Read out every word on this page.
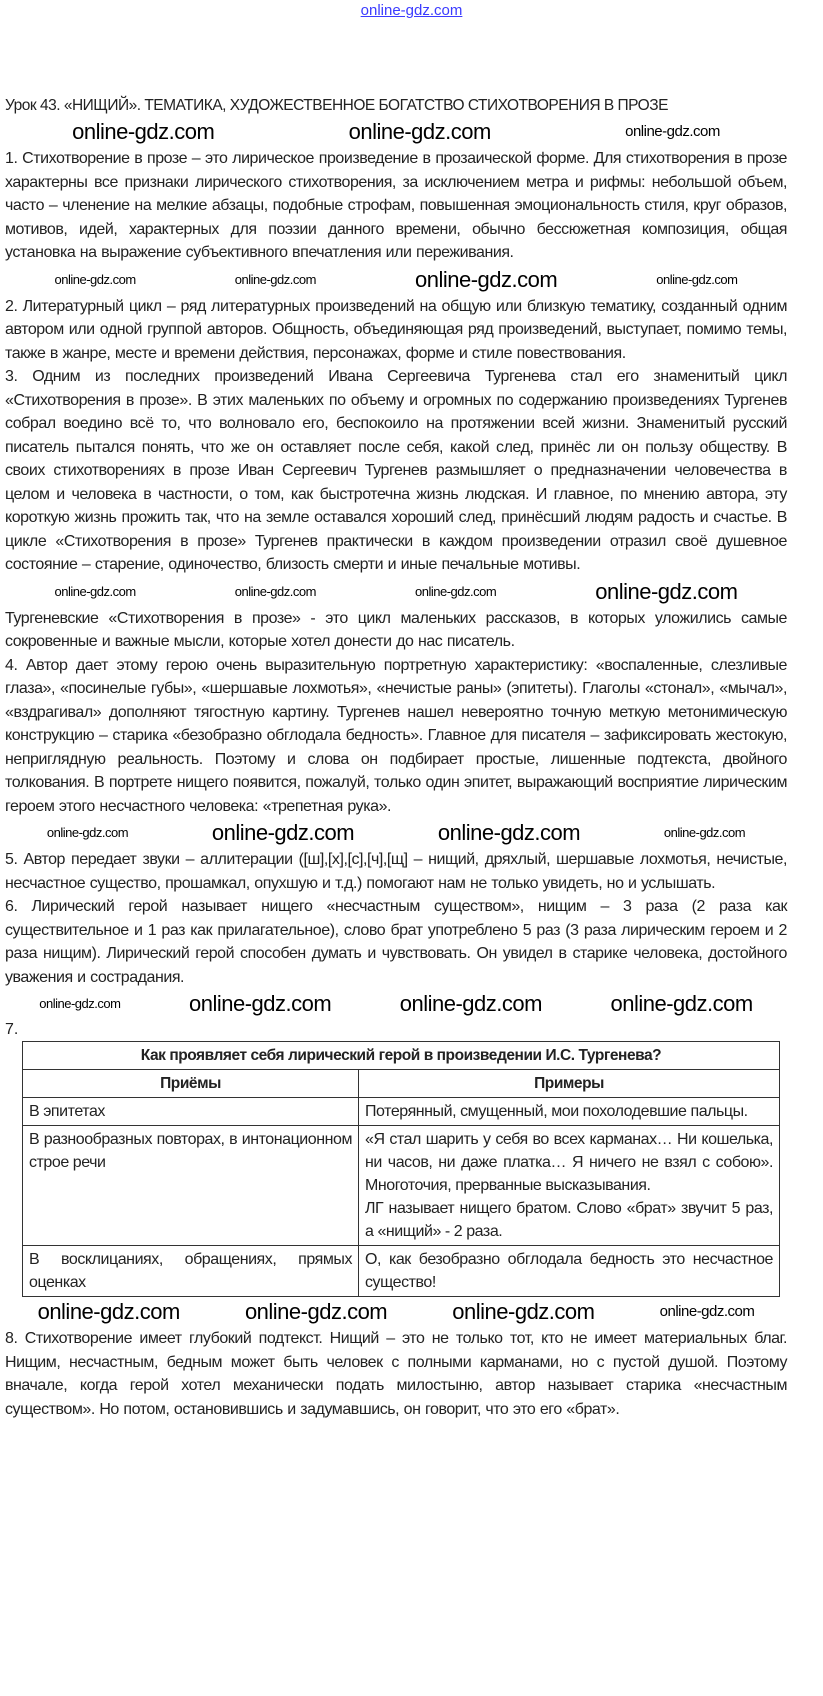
online-gdz.com
Урок 43. «НИЩИЙ». ТЕМАТИКА, ХУДОЖЕСТВЕННОЕ БОГАТСТВО СТИХОТВОРЕНИЯ В ПРОЗЕ
online-gdz.com	online-gdz.com	online-gdz.com

1. Стихотворение в прозе – это лирическое произведение в прозаической форме. Для стихотворения в прозе характерны все признаки лирического стихотворения, за исключением метра и рифмы: небольшой объем, часто – членение на мелкие абзацы, подобные строфам, повышенная эмоциональность стиля, круг образов, мотивов, идей, характерных для поэзии данного времени, обычно бессюжетная композиция, общая установка на выражение субъективного впечатления или переживания.

online-gdz.com	online-gdz.com	online-gdz.com	online-gdz.com

2. Литературный цикл – ряд литературных произведений на общую или близкую тематику, созданный одним автором или одной группой авторов. Общность, объединяющая ряд произведений, выступает, помимо темы, также в жанре, месте и времени действия, персонажах, форме и стиле повествования.

3. Одним из последних произведений Ивана Сергеевича Тургенева стал его знаменитый цикл «Стихотворения в прозе». В этих маленьких по объему и огромных по содержанию произведениях Тургенев собрал воедино всё то, что волновало его, беспокоило на протяжении всей жизни. Знаменитый русский писатель пытался понять, что же он оставляет после себя, какой след, принёс ли он пользу обществу. В своих стихотворениях в прозе Иван Сергеевич Тургенев размышляет о предназначении человечества в целом и человека в частности, о том, как быстротечна жизнь людская. И главное, по мнению автора, эту короткую жизнь прожить так, что на земле оставался хороший след, принёсший людям радость и счастье. В цикле «Стихотворения в прозе» Тургенев практически в каждом произведении отразил своё душевное состояние – старение, одиночество, близость смерти и иные печальные мотивы.

online-gdz.com	online-gdz.com	online-gdz.com	online-gdz.com

Тургеневские «Стихотворения в прозе» - это цикл маленьких рассказов, в которых уложились самые сокровенные и важные мысли, которые хотел донести до нас писатель.

4. Автор дает этому герою очень выразительную портретную характеристику: «воспаленные, слезливые глаза», «посинелые губы», «шершавые лохмотья», «нечистые раны» (эпитеты). Глаголы «стонал», «мычал», «вздрагивал» дополняют тягостную картину. Тургенев нашел невероятно точную меткую метонимическую конструкцию – старика «безобразно обглодала бедность». Главное для писателя – зафиксировать жестокую, неприглядную реальность. Поэтому и слова он подбирает простые, лишенные подтекста, двойного толкования. В портрете нищего появится, пожалуй, только один эпитет, выражающий восприятие лирическим героем этого несчастного человека: «трепетная рука».

online-gdz.com	online-gdz.com	online-gdz.com	online-gdz.com

5. Автор передает звуки – аллитерации ([ш],[х],[с],[ч],[щ] – нищий, дряхлый, шершавые лохмотья, нечистые, несчастное существо, прошамкал, опухшую и т.д.) помогают нам не только увидеть, но и услышать.

6. Лирический герой называет нищего «несчастным существом», нищим – 3 раза (2 раза как существительное и 1 раз как прилагательное), слово брат употреблено 5 раз (3 раза лирическим героем и 2 раза нищим). Лирический герой способен думать и чувствовать. Он увидел в старике человека, достойного уважения и сострадания.

online-gdz.com	online-gdz.com	online-gdz.com	online-gdz.com
7.
Как проявляет себя лирический герой в произведении И.С. Тургенева?	
Приёмы	Примеры
В эпитетах	Потерянный, смущенный, мои похолодевшие пальцы.
В разнообразных повторах, в интонационном строе речи	«Я стал шарить у себя во всех карманах… Ни кошелька, ни часов, ни даже платка… Я ничего не взял с собою». Многоточия, прерванные высказывания.
ЛГ называет нищего братом. Слово «брат» звучит 5 раз, а «нищий» - 2 раза.

В восклицаниях, обращениях, прямых оценках	О, как безобразно обглодала бедность это несчастное существо!
online-gdz.com	online-gdz.com	online-gdz.com	online-gdz.com

8. Стихотворение имеет глубокий подтекст. Нищий – это не только тот, кто не имеет материальных благ. Нищим, несчастным, бедным может быть человек с полными карманами, но с пустой душой. Поэтому вначале, когда герой хотел механически подать милостыню, автор называет старика «несчастным существом». Но потом, остановившись и задумавшись, он говорит, что это его «брат».
